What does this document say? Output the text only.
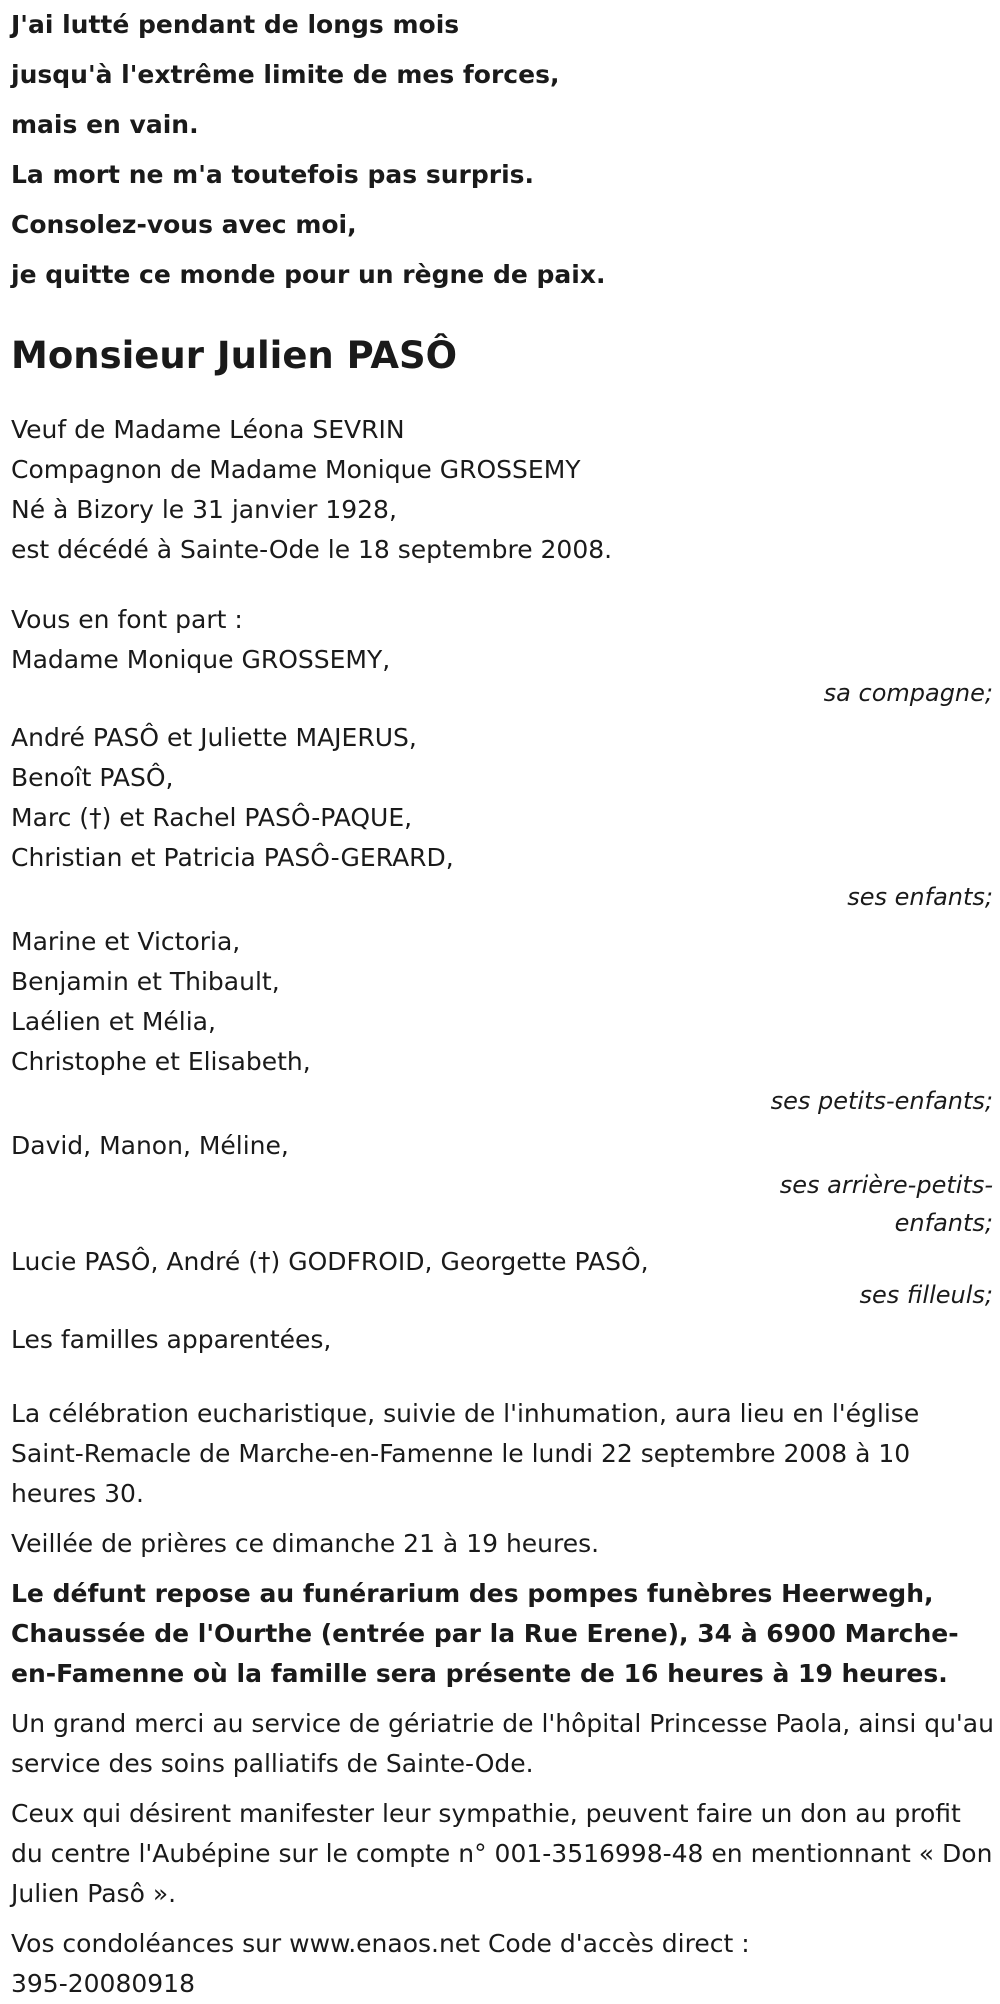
J'ai lutté pendant de longs mois
jusqu'à l'extrême limite de mes forces,
mais en vain.
La mort ne m'a toutefois pas surpris.
Consolez-vous avec moi,
je quitte ce monde pour un règne de paix.
Monsieur Julien PASÔ
Veuf de Madame Léona SEVRIN
Compagnon de Madame Monique GROSSEMY
Né à Bizory le 31 janvier 1928,
est décédé à Sainte-Ode le 18 septembre 2008.
Vous en font part :
Madame Monique GROSSEMY,
sa compagne;
André PASÔ et Juliette MAJERUS,
Benoît PASÔ,
Marc (†) et Rachel PASÔ-PAQUE,
Christian et Patricia PASÔ-GERARD,
ses enfants;
Marine et Victoria,
Benjamin et Thibault,
Laélien et Mélia,
Christophe et Elisabeth,
ses petits-enfants;
David, Manon, Méline,
ses arrière-petits-enfants;
Lucie PASÔ, André (†) GODFROID, Georgette PASÔ,
ses filleuls;
Les familles apparentées,
La célébration eucharistique, suivie de l'inhumation, aura lieu en l'église Saint-Remacle de Marche-en-Famenne le lundi 22 septembre 2008 à 10 heures 30.
Veillée de prières ce dimanche 21 à 19 heures.
Le défunt repose au funérarium des pompes funèbres Heerwegh, Chaussée de l'Ourthe (entrée par la Rue Erene), 34 à 6900 Marche-en-Famenne où la famille sera présente de 16 heures à 19 heures.
Un grand merci au service de gériatrie de l'hôpital Princesse Paola, ainsi qu'au service des soins palliatifs de Sainte-Ode.
Ceux qui désirent manifester leur sympathie, peuvent faire un don au profit du centre l'Aubépine sur le compte n° 001-3516998-48 en mentionnant « Don Julien Pasô ».
Vos condoléances sur www.enaos.net Code d'accès direct :
395-20080918
